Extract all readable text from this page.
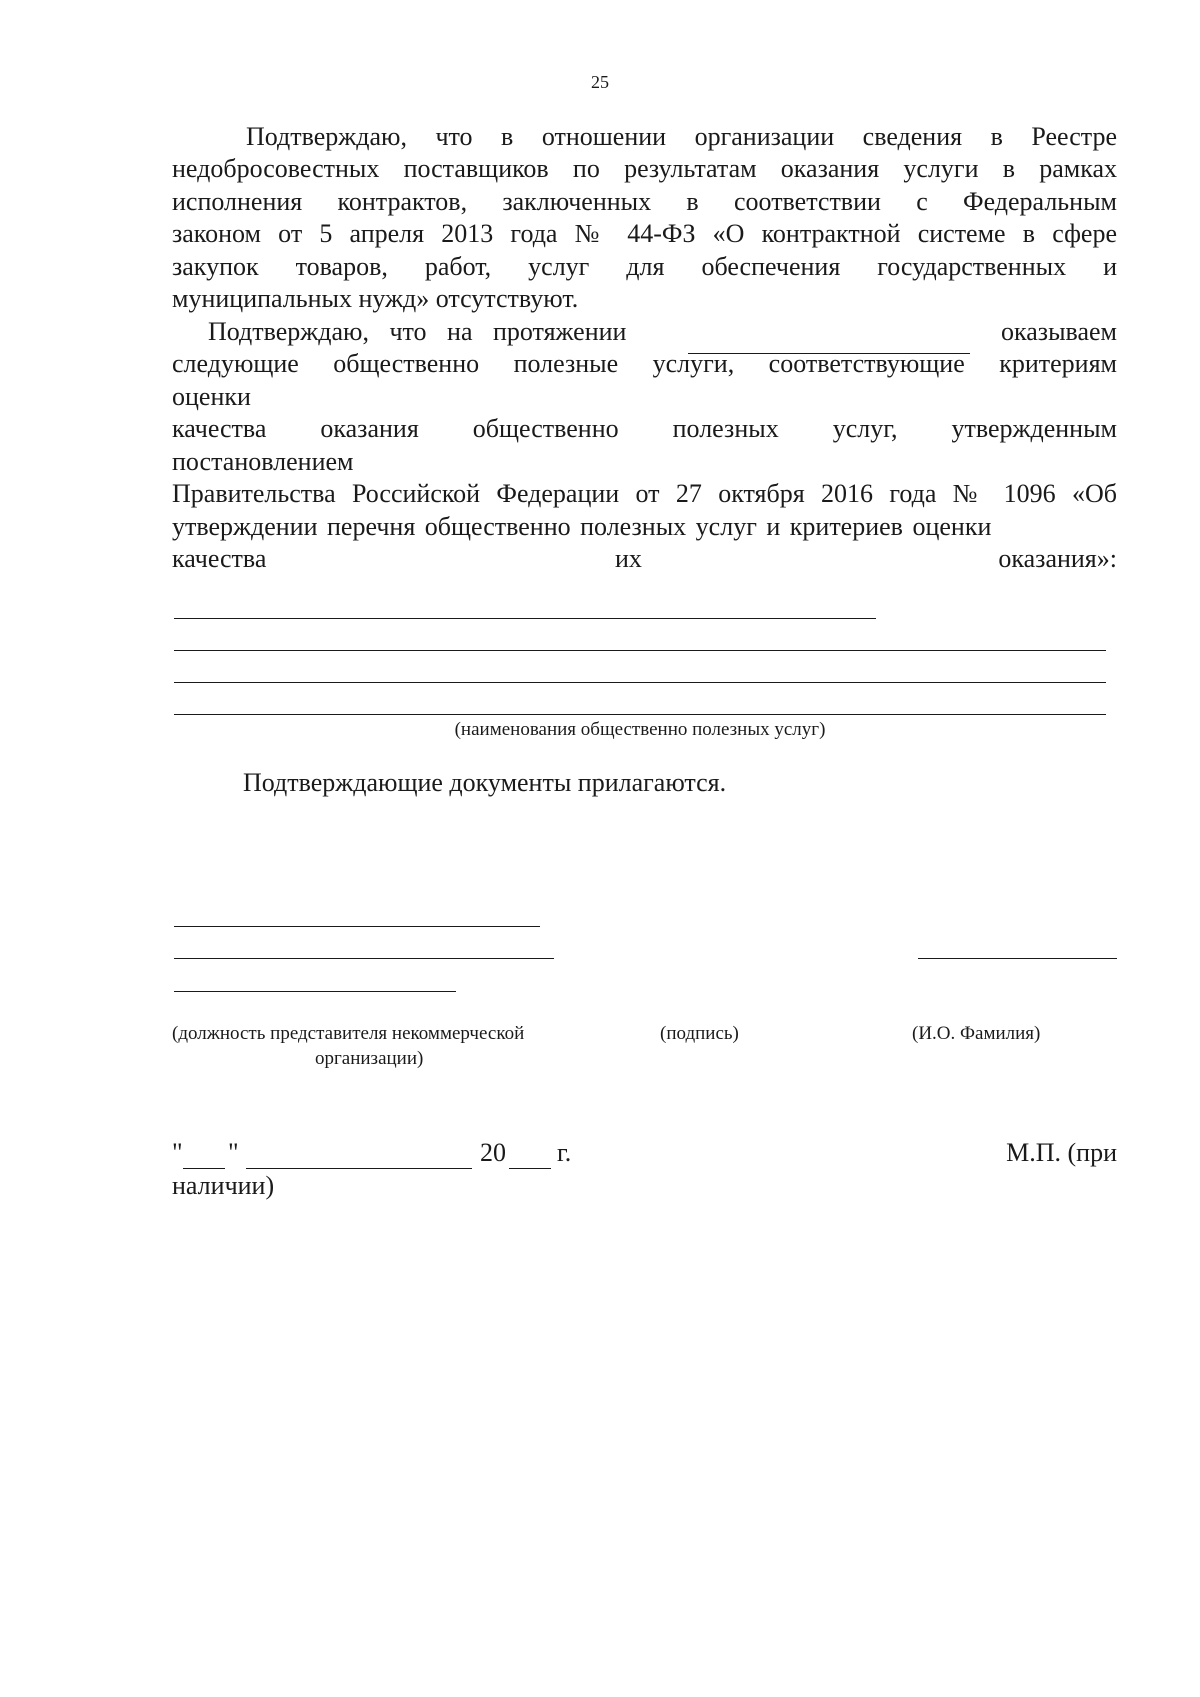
25
Подтверждаю, что в отношении организации сведения в Реестре
недобросовестных поставщиков по результатам оказания услуги в рамках
исполнения контрактов, заключенных в соответствии с Федеральным
законом от 5 апреля 2013 года № 44-ФЗ «О контрактной системе в сфере
закупок товаров, работ, услуг для обеспечения государственных и
муниципальных нужд» отсутствуют.
Подтверждаю, что на протяжении	оказываем
следующие общественно полезные услуги, соответствующие критериям
оценки
качества оказания общественно полезных услуг, утвержденным
постановлением
Правительства Российской Федерации от 27 октября 2016 года № 1096 «Об
утверждении перечня общественно полезных услуг и критериев оценки
качества	их	оказания»:
(наименования общественно полезных услуг)
Подтверждающие документы прилагаются.
(должность представителя некоммерческой
организации)
(подпись)	(И.О. Фамилия)
"	"	20	г.	М.П. (при
наличии)
